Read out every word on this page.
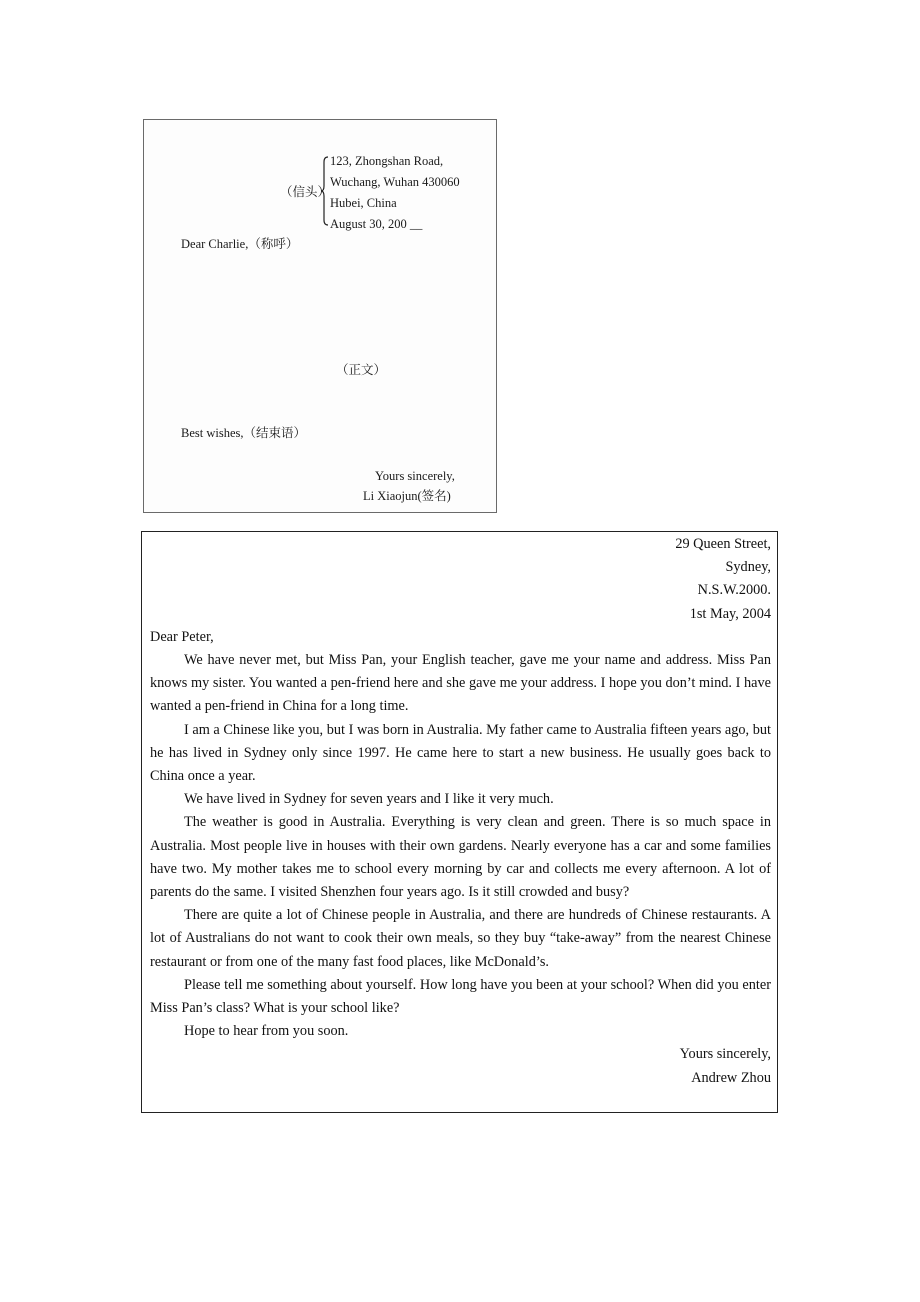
（信头）
123, Zhongshan Road,
Wuchang, Wuhan 430060
Hubei, China
August 30, 200 __
Dear Charlie,（称呼）
（正文）
Best wishes,（结束语）
Yours sincerely,
Li Xiaojun(签名)
29 Queen Street,
Sydney,
N.S.W.2000.
1st May, 2004
Dear Peter,

We have never met, but Miss Pan, your English teacher, gave me your name and address. Miss Pan knows my sister. You wanted a pen-friend here and she gave me your address. I hope you don’t mind. I have wanted a pen-friend in China for a long time.

I am a Chinese like you, but I was born in Australia. My father came to Australia fifteen years ago, but he has lived in Sydney only since 1997. He came here to start a new business. He usually goes back to China once a year.

We have lived in Sydney for seven years and I like it very much.

The weather is good in Australia. Everything is very clean and green. There is so much space in Australia. Most people live in houses with their own gardens. Nearly everyone has a car and some families have two. My mother takes me to school every morning by car and collects me every afternoon. A lot of parents do the same. I visited Shenzhen four years ago. Is it still crowded and busy?

There are quite a lot of Chinese people in Australia, and there are hundreds of Chinese restaurants. A lot of Australians do not want to cook their own meals, so they buy “take-away” from the nearest Chinese restaurant or from one of the many fast food places, like McDonald’s.

Please tell me something about yourself. How long have you been at your school? When did you enter Miss Pan’s class? What is your school like?

Hope to hear from you soon.

Yours sincerely,
Andrew Zhou
